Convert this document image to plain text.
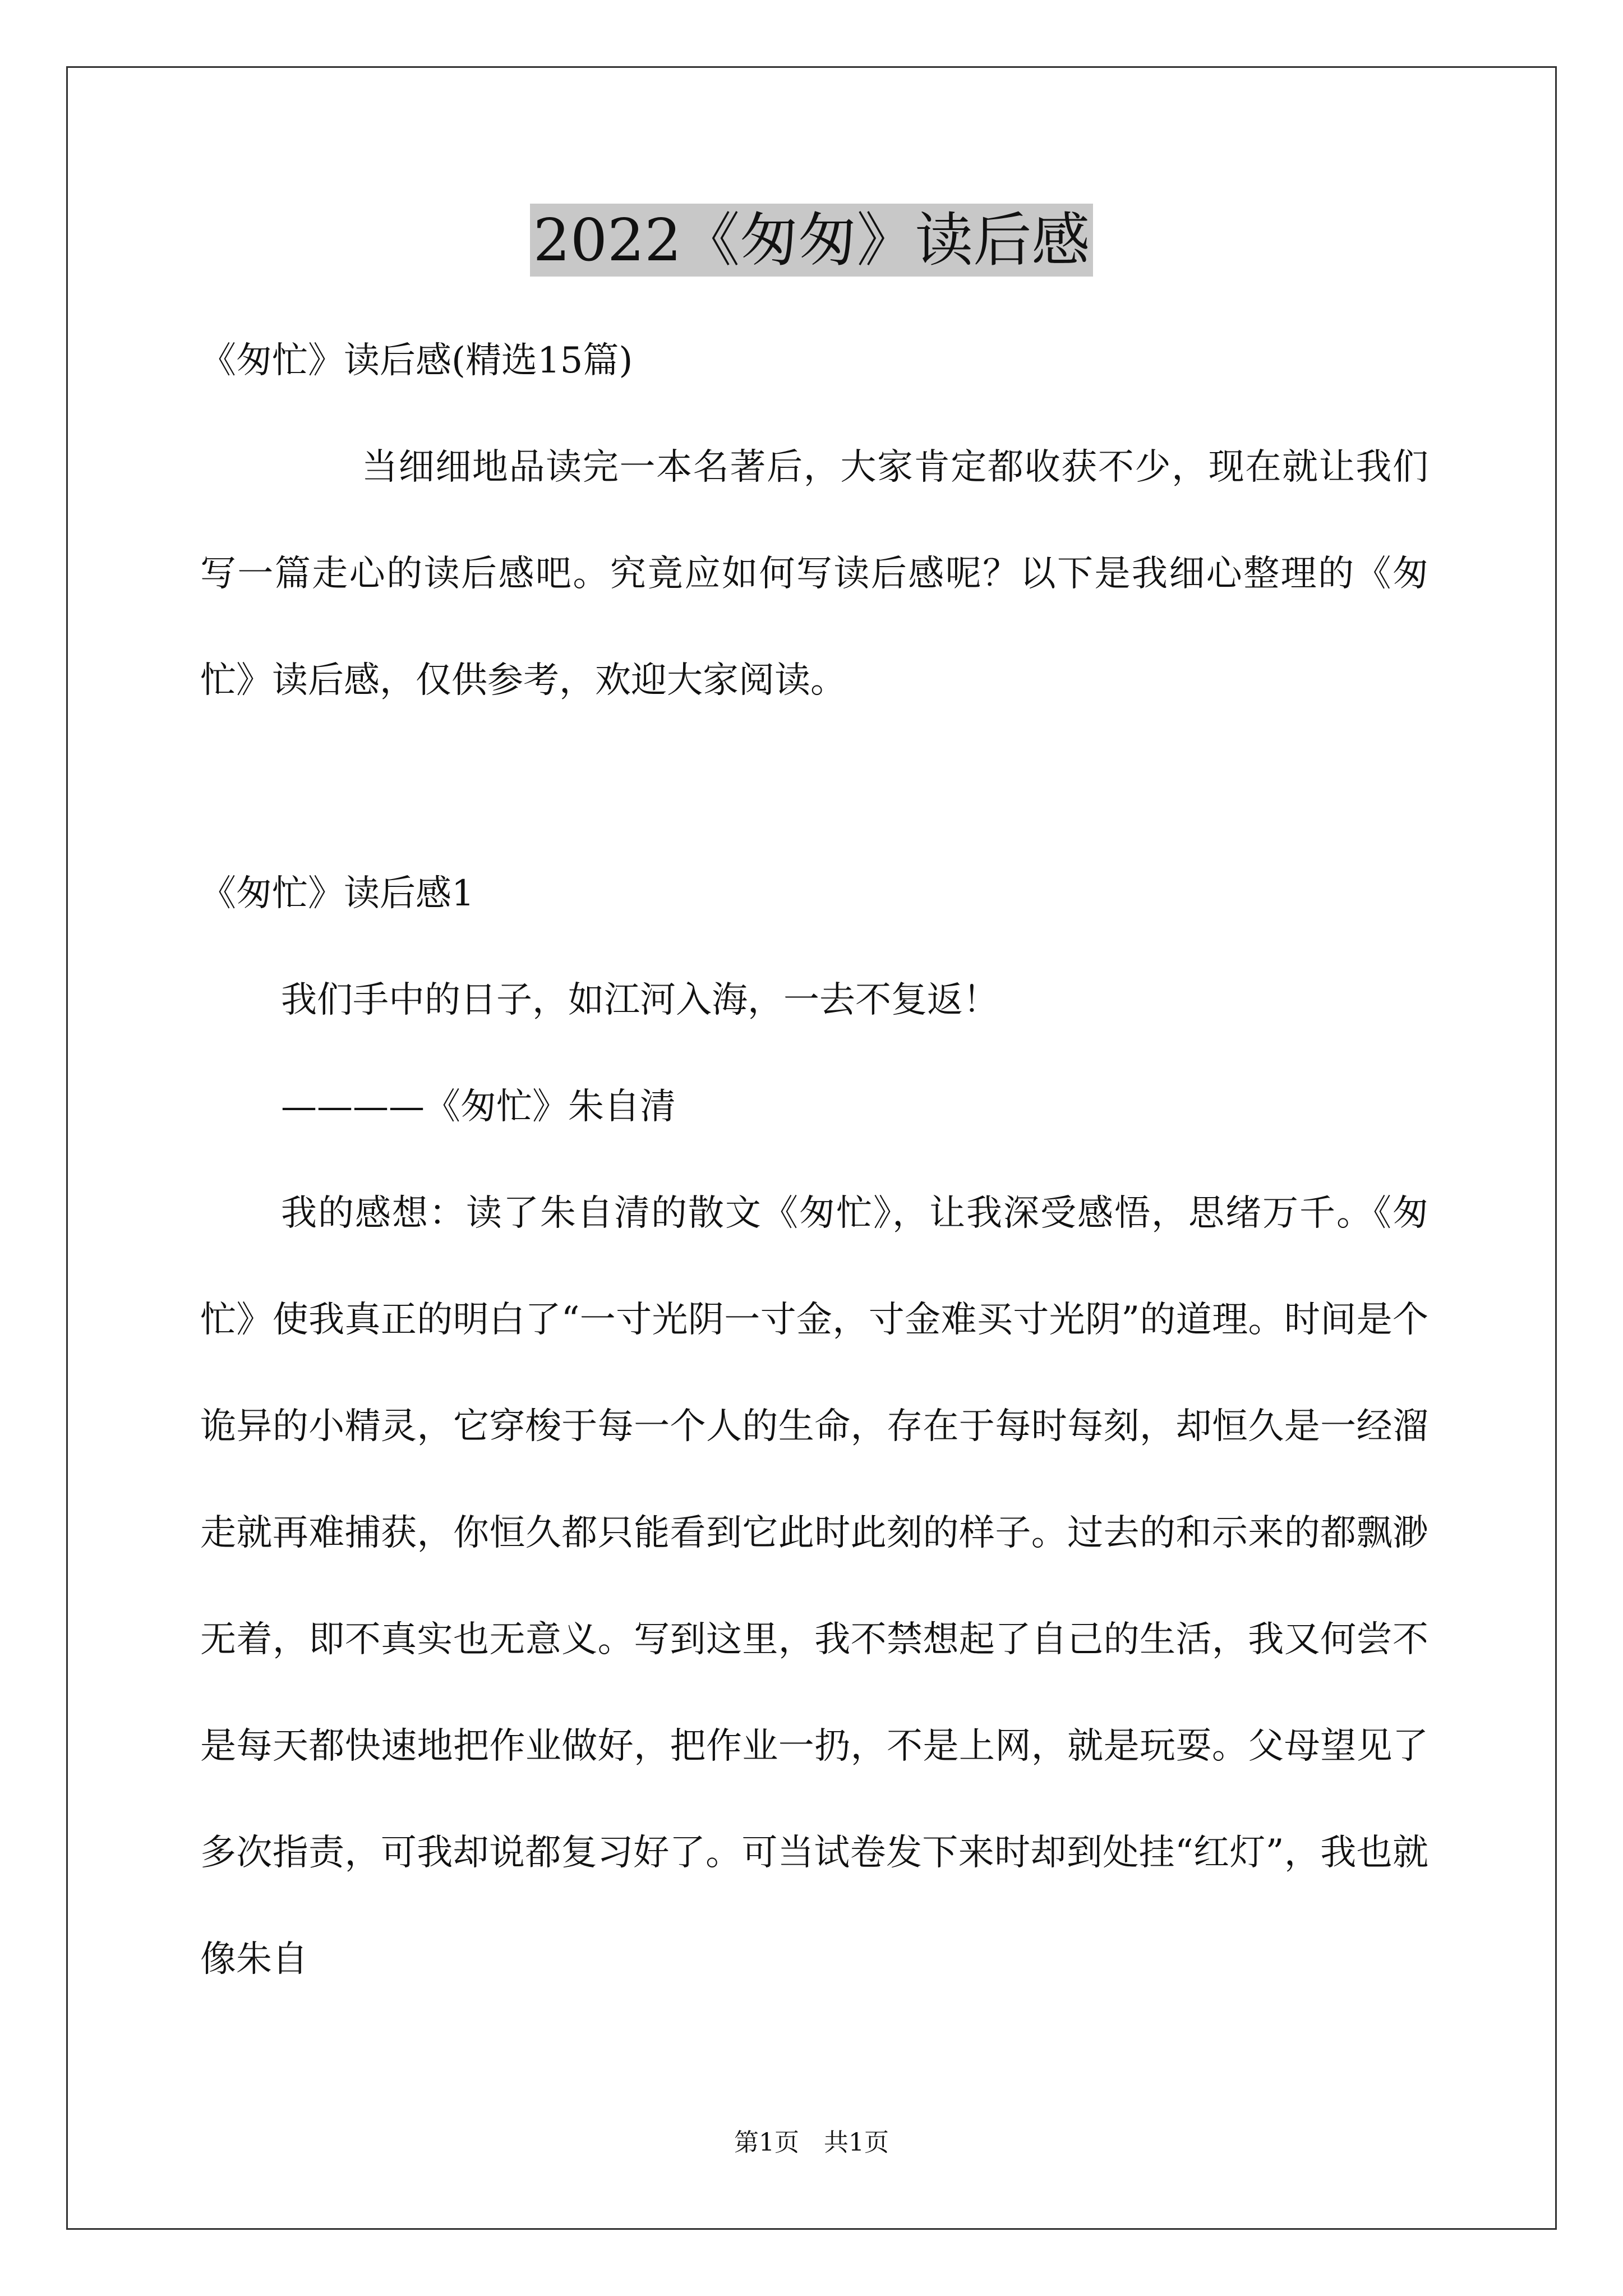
2022《匆匆》读后感

《匆忙》读后感(精选15篇)

当细细地品读完一本名著后，大家肯定都收获不少，现在就让我们写一篇走心的读后感吧。究竟应如何写读后感呢？以下是我细心整理的《匆忙》读后感，仅供参考，欢迎大家阅读。

《匆忙》读后感1

我们手中的日子，如江河入海，一去不复返！

————《匆忙》朱自清

我的感想：读了朱自清的散文《匆忙》，让我深受感悟，思绪万千。《匆忙》使我真正的明白了“一寸光阴一寸金，寸金难买寸光阴”的道理。时间是个诡异的小精灵，它穿梭于每一个人的生命，存在于每时每刻，却恒久是一经溜走就再难捕获，你恒久都只能看到它此时此刻的样子。过去的和示来的都飘渺无着，即不真实也无意义。写到这里，我不禁想起了自己的生活，我又何尝不是每天都快速地把作业做好，把作业一扔，不是上网，就是玩耍。父母望见了多次指责，可我却说都复习好了。可当试卷发下来时却到处挂“红灯”，我也就像朱自

第1页 共1页
